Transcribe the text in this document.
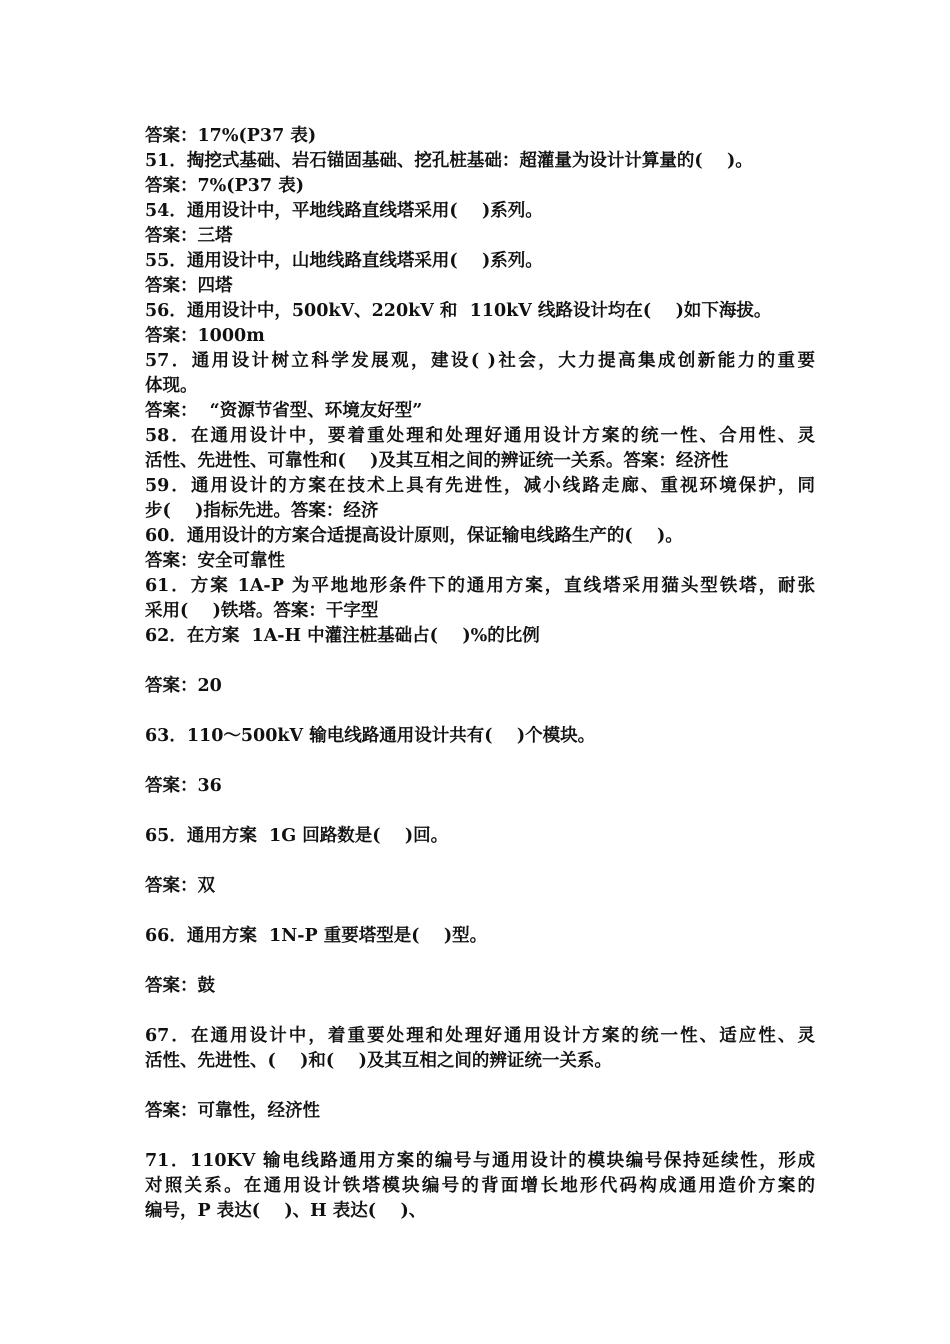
答案：17%(P37 表)
51．掏挖式基础、岩石锚固基础、挖孔桩基础：超灌量为设计计算量的(    )。
答案：7%(P37 表)
54．通用设计中，平地线路直线塔采用(    )系列。
答案：三塔
55．通用设计中，山地线路直线塔采用(    )系列。
答案：四塔
56．通用设计中，500kV、220kV 和  110kV 线路设计均在(    )如下海拔。
答案：1000m
57．通用设计树立科学发展观，建设( )社会，大力提高集成创新能力的重要
体现。
答案：  “资源节省型、环境友好型”
58．在通用设计中，要着重处理和处理好通用设计方案的统一性、合用性、灵
活性、先进性、可靠性和(    )及其互相之间的辨证统一关系。答案：经济性
59．通用设计的方案在技术上具有先进性，减小线路走廊、重视环境保护，同
步(    )指标先进。答案：经济
60．通用设计的方案合适提高设计原则，保证输电线路生产的(    )。
答案：安全可靠性
61．方案 1A-P 为平地地形条件下的通用方案，直线塔采用猫头型铁塔，耐张
采用(    )铁塔。答案：干字型
62．在方案  1A-H 中灌注桩基础占(    )%的比例
答案：20
63．110～500kV 输电线路通用设计共有(    )个模块。
答案：36
65．通用方案  1G 回路数是(    )回。
答案：双
66．通用方案  1N-P 重要塔型是(    )型。
答案：鼓
67．在通用设计中，着重要处理和处理好通用设计方案的统一性、适应性、灵
活性、先进性、(    )和(    )及其互相之间的辨证统一关系。
答案：可靠性，经济性
71．110KV 输电线路通用方案的编号与通用设计的模块编号保持延续性，形成
对照关系。在通用设计铁塔模块编号的背面增长地形代码构成通用造价方案的
编号，P 表达(    )、H 表达(    )、
